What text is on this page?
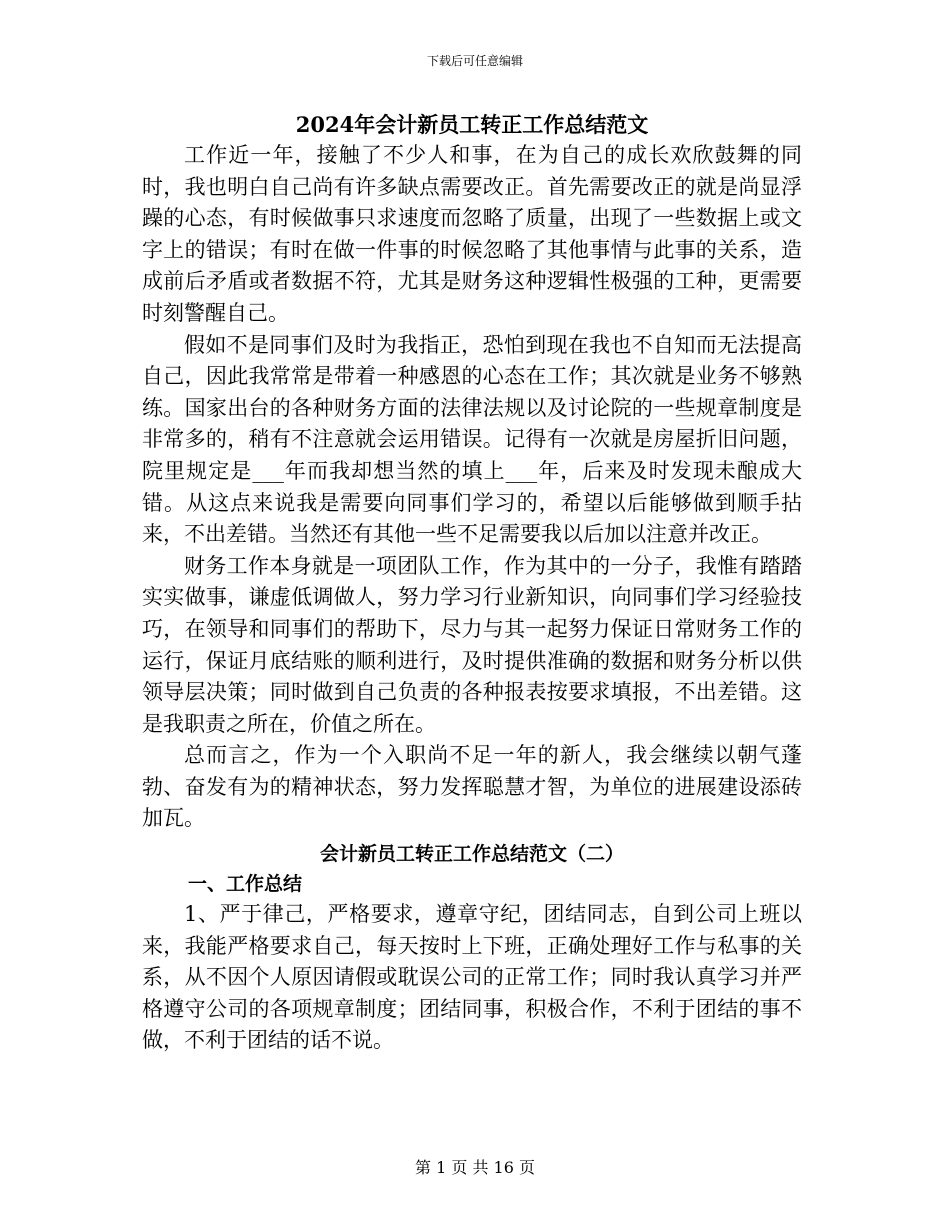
下载后可任意编辑
2024年会计新员工转正工作总结范文

工作近一年，接触了不少人和事，在为自己的成长欢欣鼓舞的同时，我也明白自己尚有许多缺点需要改正。首先需要改正的就是尚显浮躁的心态，有时候做事只求速度而忽略了质量，出现了一些数据上或文字上的错误；有时在做一件事的时候忽略了其他事情与此事的关系，造成前后矛盾或者数据不符，尤其是财务这种逻辑性极强的工种，更需要时刻警醒自己。

假如不是同事们及时为我指正，恐怕到现在我也不自知而无法提高自己，因此我常常是带着一种感恩的心态在工作；其次就是业务不够熟练。国家出台的各种财务方面的法律法规以及讨论院的一些规章制度是非常多的，稍有不注意就会运用错误。记得有一次就是房屋折旧问题，院里规定是___年而我却想当然的填上___年，后来及时发现未酿成大错。从这点来说我是需要向同事们学习的，希望以后能够做到顺手拈来，不出差错。当然还有其他一些不足需要我以后加以注意并改正。

财务工作本身就是一项团队工作，作为其中的一分子，我惟有踏踏实实做事，谦虚低调做人，努力学习行业新知识，向同事们学习经验技巧，在领导和同事们的帮助下，尽力与其一起努力保证日常财务工作的运行，保证月底结账的顺利进行，及时提供准确的数据和财务分析以供领导层决策；同时做到自己负责的各种报表按要求填报，不出差错。这是我职责之所在，价值之所在。

总而言之，作为一个入职尚不足一年的新人，我会继续以朝气蓬勃、奋发有为的精神状态，努力发挥聪慧才智，为单位的进展建设添砖加瓦。

会计新员工转正工作总结范文（二）
一、工作总结

1、严于律己，严格要求，遵章守纪，团结同志，自到公司上班以来，我能严格要求自己，每天按时上下班，正确处理好工作与私事的关系，从不因个人原因请假或耽误公司的正常工作；同时我认真学习并严格遵守公司的各项规章制度；团结同事，积极合作，不利于团结的事不做，不利于团结的话不说。

第 1 页 共 16 页
